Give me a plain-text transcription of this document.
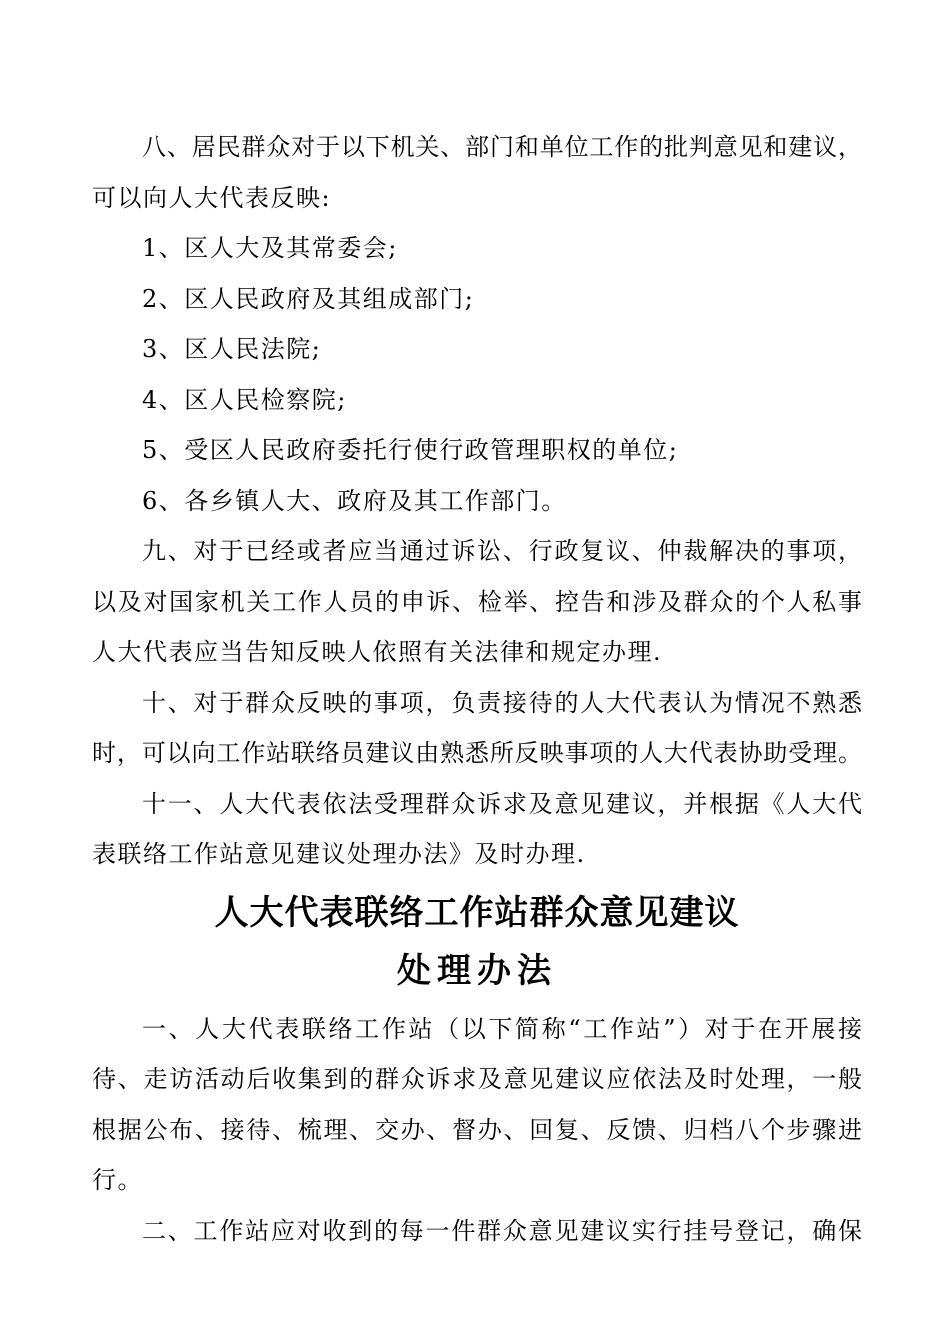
八、居民群众对于以下机关、部门和单位工作的批判意见和建议，
可以向人大代表反映:
1、区人大及其常委会;
2、区人民政府及其组成部门;
3、区人民法院;
4、区人民检察院;
5、受区人民政府委托行使行政管理职权的单位;
6、各乡镇人大、政府及其工作部门。
九、对于已经或者应当通过诉讼、行政复议、仲裁解决的事项，
以及对国家机关工作人员的申诉、检举、控告和涉及群众的个人私事
人大代表应当告知反映人依照有关法律和规定办理.
十、对于群众反映的事项，负责接待的人大代表认为情况不熟悉
时，可以向工作站联络员建议由熟悉所反映事项的人大代表协助受理。
十一、人大代表依法受理群众诉求及意见建议，并根据《人大代
表联络工作站意见建议处理办法》及时办理.
人大代表联络工作站群众意见建议
处理办法
一、人大代表联络工作站（以下简称“工作站”）对于在开展接
待、走访活动后收集到的群众诉求及意见建议应依法及时处理，一般
根据公布、接待、梳理、交办、督办、回复、反馈、归档八个步骤进
行。
二、工作站应对收到的每一件群众意见建议实行挂号登记，确保
